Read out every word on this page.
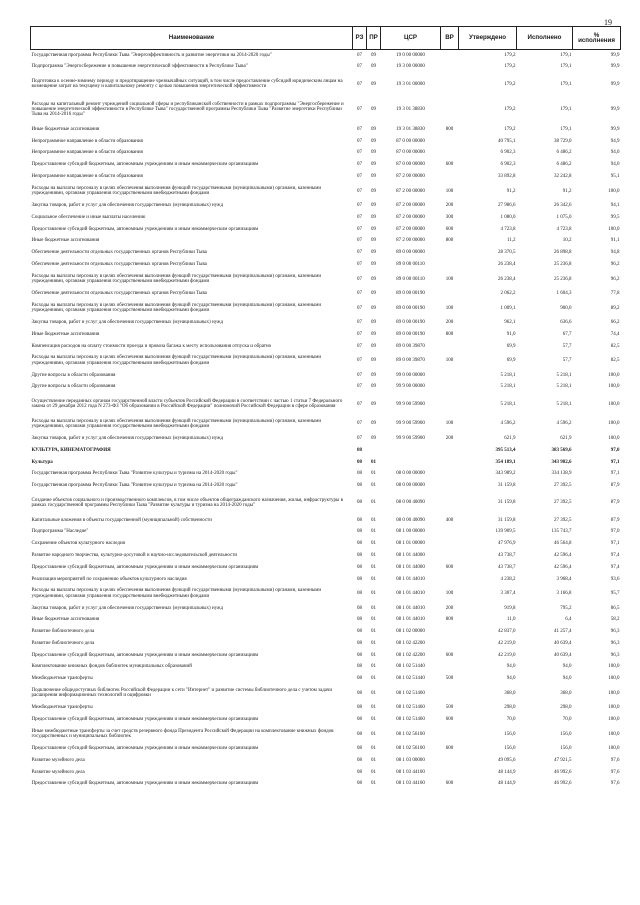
19
Наименование	РЗ	ПР	ЦСР	ВР	Утверждено	Исполнено	% исполнения
Государственная программа Республики Тыва "Энергоэффективность и развитие энергетики на 2014-2020 годы"	07	09	19 0 00 00000		179,2	179,1	99,9
Подпрограмма "Энергосбережение и повышение энергетической эффективности в Республике Тыва"	07	09	19 3 00 00000		179,2	179,1	99,9
Подготовка к осенне-зимнему периоду и предотвращение чрезвычайных ситуаций, в том числе предоставление субсидий юридическим лицам на возмещение затрат на текущему и капитальному ремонту с целью повышения энергетической эффективности	07	09	19 3 01 00000		179,2	179,1	99,9
Расходы на капитальный ремонт учреждений социальной сферы и республиканской собственности в рамках подпрограммы "Энергосбережение и повышение энергетической эффективности в Республике Тыва" государственной программы Республики Тыва "Развитие энергетики Республики Тыва на 2014-2016 годы"	07	09	19 3 01 38830		179,2	179,1	99,9
Иные бюджетные ассигнования	07	09	19 3 01 38830	800	179,2	179,1	99,9
Непрограммное направление в области образования	07	09	87 0 00 00000		40 795,1	38 729,0	94,9
Непрограммное направление в области образования	07	09	87 0 00 00000		6 902,3	6 486,2	94,0
Предоставление субсидий бюджетным, автономным учреждениям и иным некоммерческим организациям	07	09	87 0 00 00000	600	6 902,3	6 486,2	94,0
Непрограммное направление в области образования	07	09	87 2 00 00000		33 892,8	32 242,8	95,1
Расходы на выплаты персоналу в целях обеспечения выполнения функций государственными (муниципальными) органами, казенными учреждениями, органами управления государственными внебюджетными фондами	07	09	87 2 00 00000	100	91,2	91,2	100,0
Закупка товаров, работ и услуг для обеспечения государственных (муниципальных) нужд	07	09	87 2 00 00000	200	27 986,6	26 342,6	94,1
Социальное обеспечение и иные выплаты населению	07	09	87 2 00 00000	300	1 080,0	1 075,0	99,5
Предоставление субсидий бюджетным, автономным учреждениям и иным некоммерческим организациям	07	09	87 2 00 00000	600	4 723,8	4 723,8	100,0
Иные бюджетные ассигнования	07	09	87 2 00 00000	800	11,2	10,2	91,1
Обеспечение деятельности отдельных государственных органов Республики Тыва	07	09	89 0 00 00000		28 370,5	26 898,8	94,8
Обеспечение деятельности отдельных государственных органов Республики Тыва	07	09	89 0 00 00110		26 238,4	25 236,8	96,2
Расходы на выплаты персоналу в целях обеспечения выполнения функций государственными (муниципальными) органами, казенными учреждениями, органами управления государственными внебюджетными фондами	07	09	89 0 00 00110	100	26 238,4	25 236,8	96,2
Обеспечение деятельности отдельных государственных органов Республики Тыва	07	09	89 0 00 00190		2 062,2	1 604,3	77,8
Расходы на выплаты персоналу в целях обеспечения выполнения функций государственными (муниципальными) органами, казенными учреждениями, органами управления государственными внебюджетными фондами	07	09	89 0 00 00190	100	1 009,1	900,0	89,2
Закупка товаров, работ и услуг для обеспечения государственных (муниципальных) нужд	07	09	89 0 00 00190	200	962,1	636,6	66,2
Иные бюджетные ассигнования	07	09	89 0 00 00190	800	91,0	67,7	74,4
Компенсация расходов на оплату стоимости проезда и провоза багажа к месту использования отпуска и обратно	07	09	89 0 00 39870		69,9	57,7	82,5
Расходы на выплаты персоналу в целях обеспечения выполнения функций государственными (муниципальными) органами, казенными учреждениями, органами управления государственными внебюджетными фондами	07	09	89 0 00 39870	100	69,9	57,7	82,5
Другие вопросы в области образования	07	09	99 0 00 00000		5 218,1	5 218,1	100,0
Другие вопросы в области образования	07	09	99 9 00 00000		5 218,1	5 218,1	100,0
Осуществление переданных органам государственной власти субъектов Российской Федерации в соответствии с частью 1 статьи 7 Федерального закона от 29 декабря 2012 года N 273-ФЗ "Об образовании в Российской Федерации" полномочий Российской Федерации в сфере образования	07	09	99 9 00 59900		5 218,1	5 218,1	100,0
Расходы на выплаты персоналу в целях обеспечения выполнения функций государственными (муниципальными) органами, казенными учреждениями, органами управления государственными внебюджетными фондами	07	09	99 9 00 59900	100	4 596,2	4 596,2	100,0
Закупка товаров, работ и услуг для обеспечения государственных (муниципальных) нужд	07	09	99 9 00 59900	200	621,9	621,9	100,0
КУЛЬТУРА, КИНЕМАТОГРАФИЯ	08				395 513,4	383 569,6	97,0
Культура	08	01			354 189,1	343 982,6	97,1
Государственная программа Республики Тыва "Развитие культуры и туризма на 2014-2020 годы"	08	01	08 0 00 00000		343 989,2	334 138,9	97,1
Государственная программа Республики Тыва "Развитие культуры и туризма на 2014-2020 годы"	08	01	08 0 00 00000		31 159,8	27 392,5	87,9
Создание объектов социального и производственного комплексов, в том числе объектов общегражданского назначения, жилья, инфраструктуры в рамках государственной программы Республики Тыва "Развитие культуры и туризма на 2014-2020 годы"	08	01	08 0 00 40090		31 159,8	27 392,5	87,9
Капитальные вложения в объекты государственной (муниципальной) собственности	08	01	08 0 00 40090	400	31 159,8	27 392,5	87,9
Подпрограмма "Наследие"	08	01	08 1 00 00000		139 909,5	135 743,7	97,0
Сохранение объектов культурного наследия	08	01	08 1 01 00000		47 976,9	46 564,8	97,1
Развитие народного творчества, культурно-досуговой и научно-исследовательской деятельности	08	01	08 1 01 44000		43 738,7	42 596,4	97,4
Предоставление субсидий бюджетным, автономным учреждениям и иным некоммерческим организациям	08	01	08 1 01 44000	600	43 738,7	42 596,4	97,4
Реализация мероприятий по сохранению объектов культурного наследия	08	01	08 1 01 44010		4 238,2	3 968,4	93,6
Расходы на выплаты персоналу в целях обеспечения выполнения функций государственными (муниципальными) органами, казенными учреждениями, органами управления государственными внебюджетными фондами	08	01	08 1 01 44010	100	3 307,4	3 166,8	95,7
Закупка товаров, работ и услуг для обеспечения государственных (муниципальных) нужд	08	01	08 1 01 44010	200	919,8	795,2	86,5
Иные бюджетные ассигнования	08	01	08 1 01 44010	800	11,0	6,4	58,2
Развитие библиотечного дела	08	01	08 1 02 00000		42 837,0	41 257,4	96,3
Развитие библиотечного дела	08	01	08 1 02 42200		42 219,0	40 639,4	96,3
Предоставление субсидий бюджетным, автономным учреждениям и иным некоммерческим организациям	08	01	08 1 02 42200	600	42 219,0	40 639,4	96,3
Комплектование книжных фондов библиотек муниципальных образований	08	01	08 1 02 51440		94,0	94,0	100,0
Межбюджетные трансферты	08	01	08 1 02 51440	500	94,0	94,0	100,0
Подключение общедоступных библиотек Российской Федерации к сети "Интернет" и развитие системы библиотечного дела с учетом задачи расширения информационных технологий и оцифровки	08	01	08 1 02 51460		368,0	368,0	100,0
Межбюджетные трансферты	08	01	08 1 02 51460	500	298,0	298,0	100,0
Предоставление субсидий бюджетным, автономным учреждениям и иным некоммерческим организациям	08	01	08 1 02 51460	600	70,0	70,0	100,0
Иные межбюджетные трансферты за счет средств резервного фонда Президента Российской Федерации на комплектование книжных фондов государственных и муниципальных библиотек	08	01	08 1 02 56100		156,0	156,0	100,0
Предоставление субсидий бюджетным, автономным учреждениям и иным некоммерческим организациям	08	01	08 1 02 56100	600	156,0	156,0	100,0
Развитие музейного дела	08	01	08 1 03 00000		49 095,6	47 921,5	97,6
Развитие музейного дела	08	01	08 1 03 44100		48 144,9	46 992,6	97,6
Предоставление субсидий бюджетным, автономным учреждениям и иным некоммерческим организациям	08	01	08 1 03 44100	600	48 144,9	46 992,6	97,6
